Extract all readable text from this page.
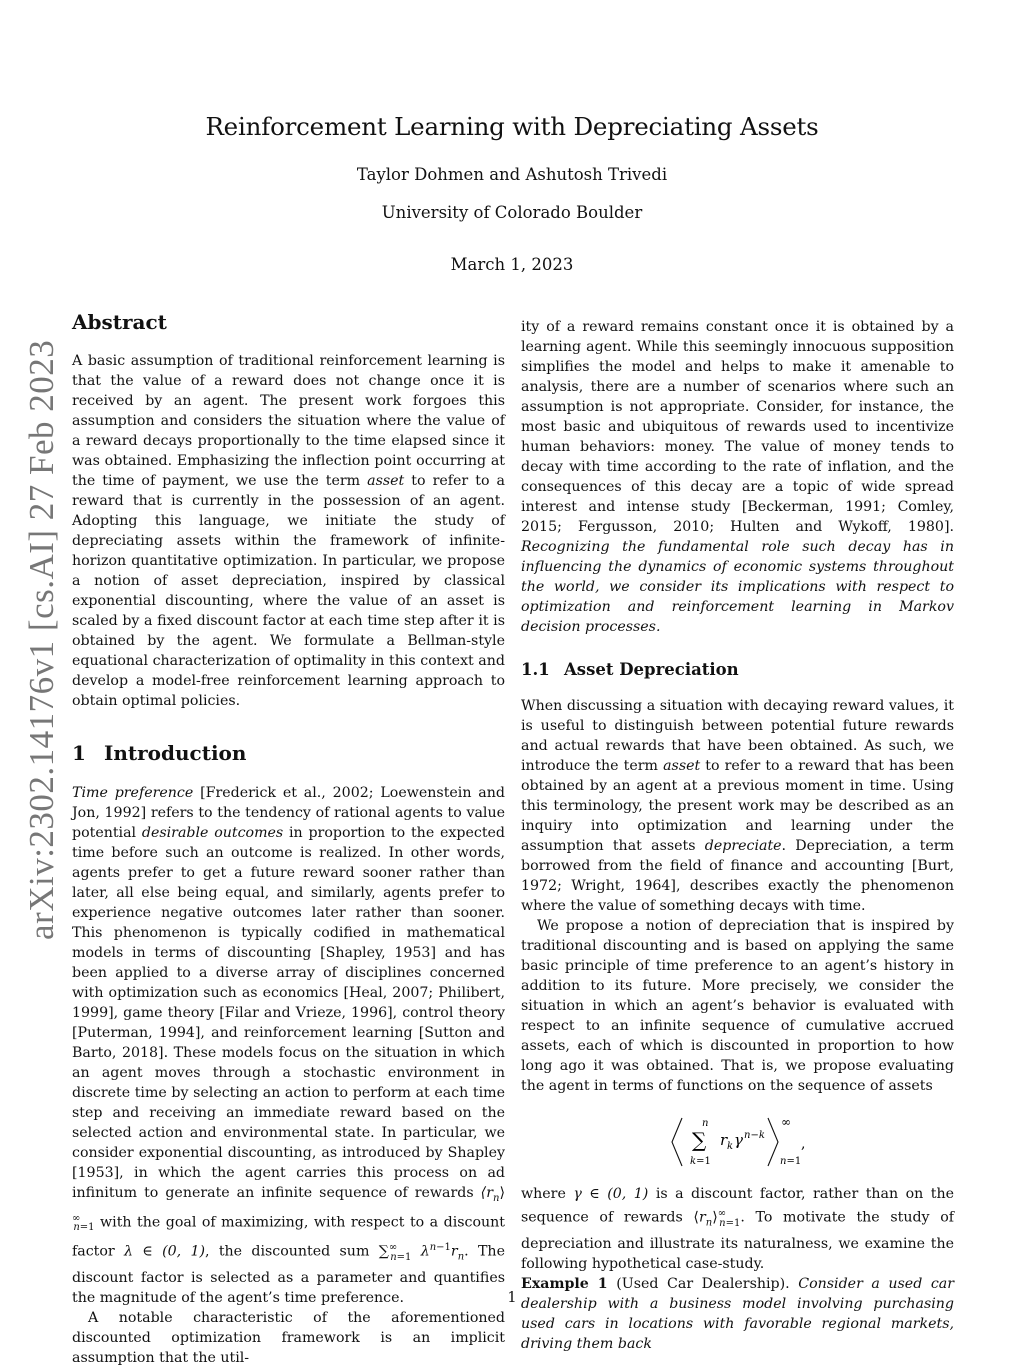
Reinforcement Learning with Depreciating Assets
Taylor Dohmen and Ashutosh Trivedi
University of Colorado Boulder
March 1, 2023
arXiv:2302.14176v1 [cs.AI] 27 Feb 2023
Abstract

A basic assumption of traditional reinforcement learning is that the value of a reward does not change once it is received by an agent. The present work forgoes this assumption and considers the situation where the value of a reward decays proportionally to the time elapsed since it was obtained. Emphasizing the inflection point occurring at the time of payment, we use the term asset to refer to a reward that is currently in the possession of an agent. Adopting this language, we initiate the study of depreciating assets within the framework of infinite-horizon quantitative optimization. In particular, we propose a notion of asset depreciation, inspired by classical exponential discounting, where the value of an asset is scaled by a fixed discount factor at each time step after it is obtained by the agent. We formulate a Bellman-style equational characterization of optimality in this context and develop a model-free reinforcement learning approach to obtain optimal policies.

1 Introduction

Time preference [Frederick et al., 2002; Loewenstein and Jon, 1992] refers to the tendency of rational agents to value potential desirable outcomes in proportion to the expected time before such an outcome is realized. In other words, agents prefer to get a future reward sooner rather than later, all else being equal, and similarly, agents prefer to experience negative outcomes later rather than sooner. This phenomenon is typically codified in mathematical models in terms of discounting [Shapley, 1953] and has been applied to a diverse array of disciplines concerned with optimization such as economics [Heal, 2007; Philibert, 1999], game theory [Filar and Vrieze, 1996], control theory [Puterman, 1994], and reinforcement learning [Sutton and Barto, 2018]. These models focus on the situation in which an agent moves through a stochastic environment in discrete time by selecting an action to perform at each time step and receiving an immediate reward based on the selected action and environmental state. In particular, we consider exponential discounting, as introduced by Shapley [1953], in which the agent carries this process on ad infinitum to generate an infinite sequence of rewards $⟨r_n⟩^\infty_{n=1}$ with the goal of maximizing, with respect to a discount factor λ ∈ (0, 1), the discounted sum $\sum^\infty_{n=1}$ $\lambda^{n-1}r_n$. The discount factor is selected as a parameter and quantifies the magnitude of the agent’s time preference.

A notable characteristic of the aforementioned discounted optimization framework is an implicit assumption that the util-

ity of a reward remains constant once it is obtained by a learning agent. While this seemingly innocuous supposition simplifies the model and helps to make it amenable to analysis, there are a number of scenarios where such an assumption is not appropriate. Consider, for instance, the most basic and ubiquitous of rewards used to incentivize human behaviors: money. The value of money tends to decay with time according to the rate of inflation, and the consequences of this decay are a topic of wide spread interest and intense study [Beckerman, 1991; Comley, 2015; Fergusson, 2010; Hulten and Wykoff, 1980]. Recognizing the fundamental role such decay has in influencing the dynamics of economic systems throughout the world, we consider its implications with respect to optimization and reinforcement learning in Markov decision processes.

1.1 Asset Depreciation

When discussing a situation with decaying reward values, it is useful to distinguish between potential future rewards and actual rewards that have been obtained. As such, we introduce the term asset to refer to a reward that has been obtained by an agent at a previous moment in time. Using this terminology, the present work may be described as an inquiry into optimization and learning under the assumption that assets depreciate. Depreciation, a term borrowed from the field of finance and accounting [Burt, 1972; Wright, 1964], describes exactly the phenomenon where the value of something decays with time.

We propose a notion of depreciation that is inspired by traditional discounting and is based on applying the same basic principle of time preference to an agent’s history in addition to its future. More precisely, we consider the situation in which an agent’s behavior is evaluated with respect to an infinite sequence of cumulative accrued assets, each of which is discounted in proportion to how long ago it was obtained. That is, we propose evaluating the agent in terms of functions on the sequence of assets

n
∑
k=1
r k γ n−k
∞
n=1
,

where γ ∈ (0, 1) is a discount factor, rather than on the sequence of rewards $⟨r_n⟩^\infty_{n=1}$. To motivate the study of depreciation and illustrate its naturalness, we examine the following hypothetical case-study.

Example 1 (Used Car Dealership). Consider a used car dealership with a business model involving purchasing used cars in locations with favorable regional markets, driving them back

1
